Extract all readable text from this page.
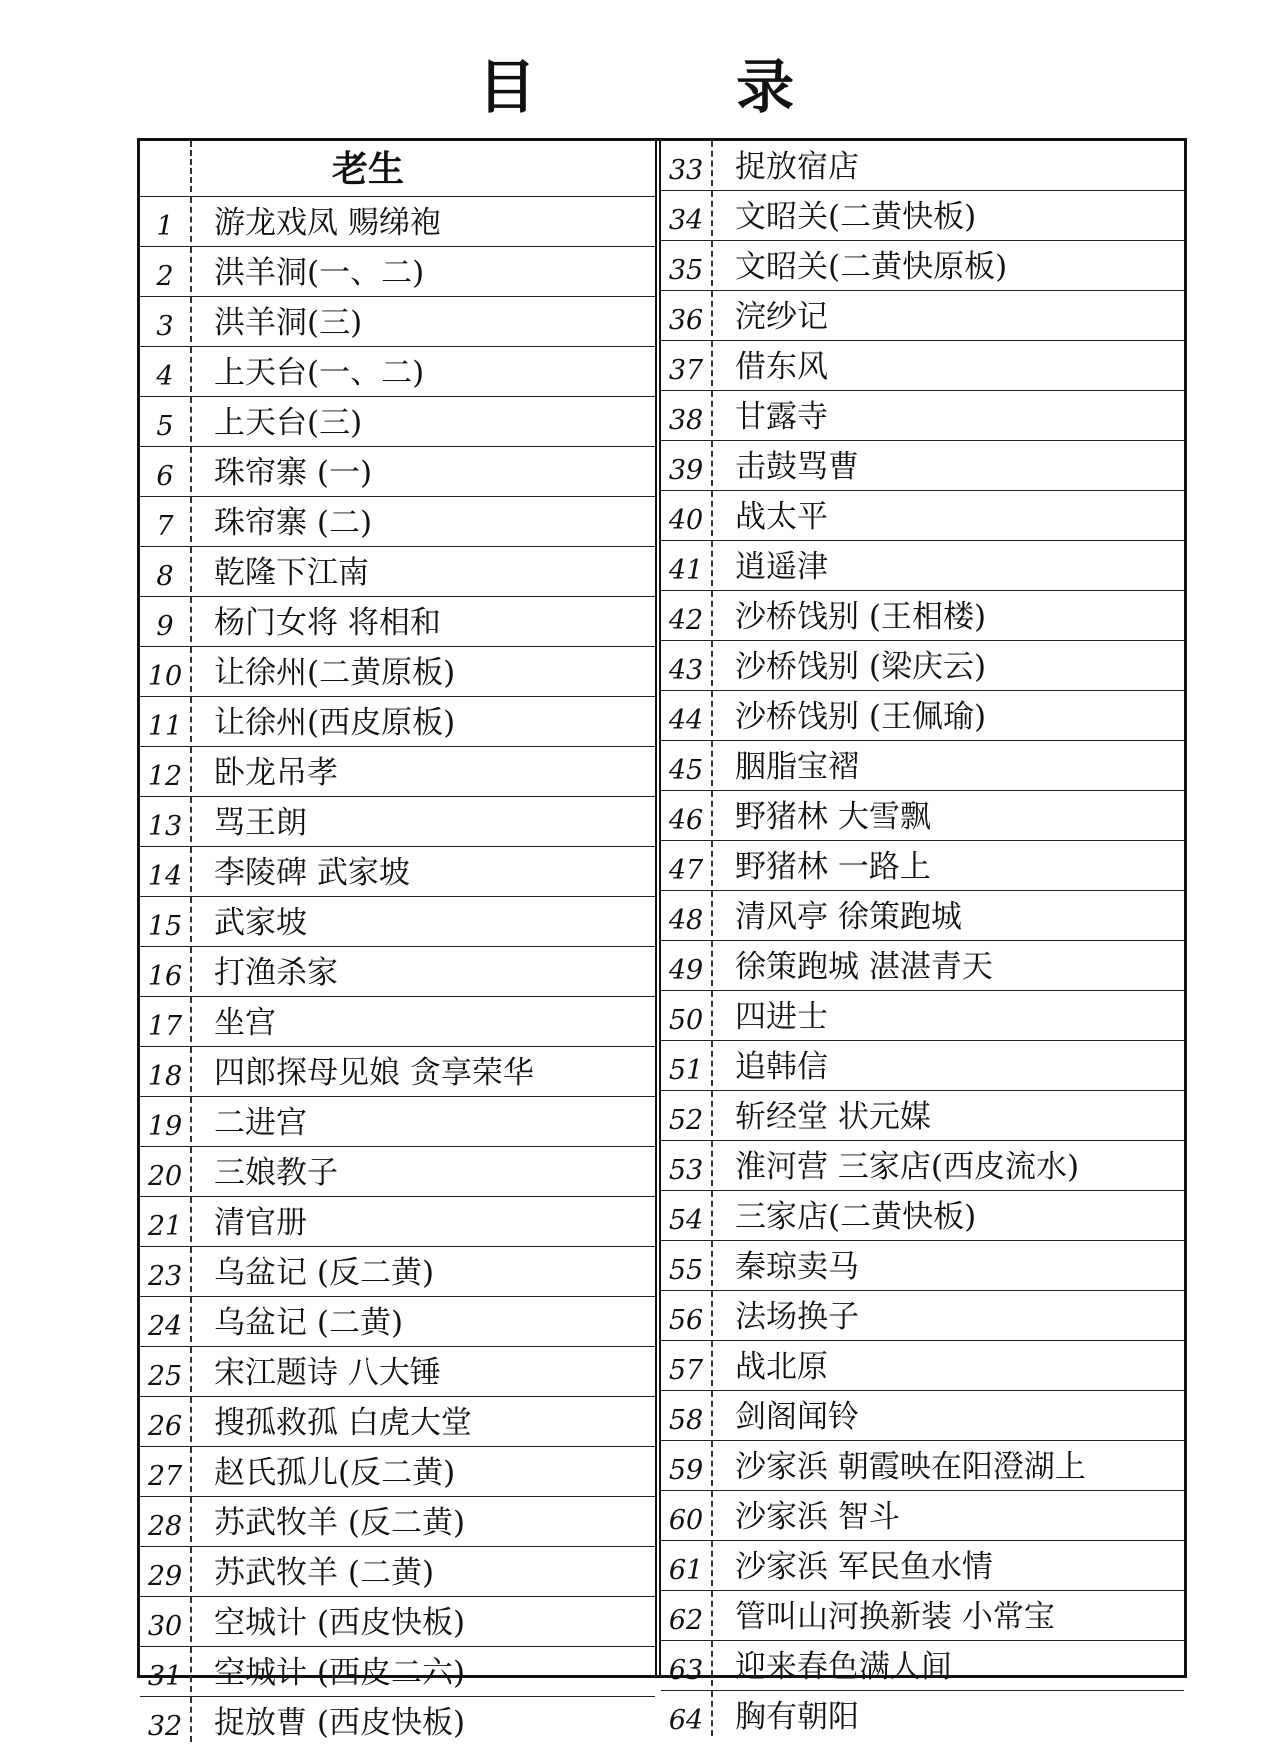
目 录
老生
1	游龙戏凤 赐绨袍
2	洪羊洞(一、二)
3	洪羊洞(三)
4	上天台(一、二)
5	上天台(三)
6	珠帘寨 (一)
7	珠帘寨 (二)
8	乾隆下江南
9	杨门女将 将相和
10	让徐州(二黄原板)
11	让徐州(西皮原板)
12	卧龙吊孝
13	骂王朗
14	李陵碑 武家坡
15	武家坡
16	打渔杀家
17	坐宫
18	四郎探母见娘 贪享荣华
19	二进宫
20	三娘教子
21	清官册
23	乌盆记 (反二黄)
24	乌盆记 (二黄)
25	宋江题诗 八大锤
26	搜孤救孤 白虎大堂
27	赵氏孤儿(反二黄)
28	苏武牧羊 (反二黄)
29	苏武牧羊 (二黄)
30	空城计 (西皮快板)
31	空城计 (西皮二六)
32	捉放曹 (西皮快板)
33	捉放宿店
34	文昭关(二黄快板)
35	文昭关(二黄快原板)
36	浣纱记
37	借东风
38	甘露寺
39	击鼓骂曹
40	战太平
41	逍遥津
42	沙桥饯别 (王相楼)
43	沙桥饯别 (梁庆云)
44	沙桥饯别 (王佩瑜)
45	胭脂宝褶
46	野猪林 大雪飘
47	野猪林 一路上
48	清风亭 徐策跑城
49	徐策跑城 湛湛青天
50	四进士
51	追韩信
52	斩经堂 状元媒
53	淮河营 三家店(西皮流水)
54	三家店(二黄快板)
55	秦琼卖马
56	法场换子
57	战北原
58	剑阁闻铃
59	沙家浜 朝霞映在阳澄湖上
60	沙家浜 智斗
61	沙家浜 军民鱼水情
62	管叫山河换新装 小常宝
63	迎来春色满人间
64	胸有朝阳
